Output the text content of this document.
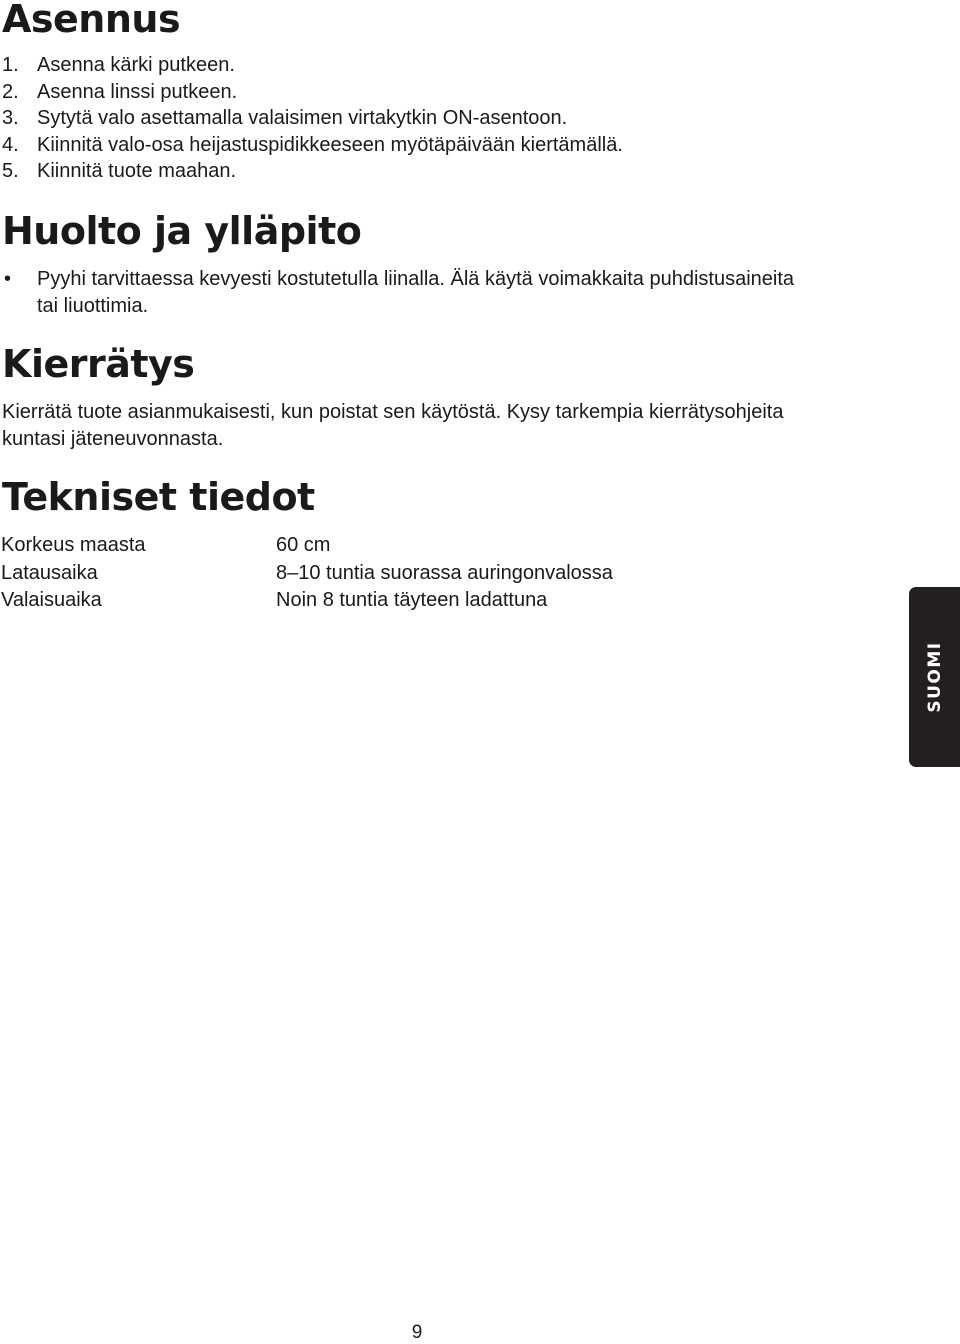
Asennus
1. Asenna kärki putkeen.
2. Asenna linssi putkeen.
3. Sytytä valo asettamalla valaisimen virtakytkin ON-asentoon.
4. Kiinnitä valo-osa heijastuspidikkeeseen myötäpäivään kiertämällä.
5. Kiinnitä tuote maahan.
Huolto ja ylläpito
•	Pyyhi tarvittaessa kevyesti kostutetulla liinalla. Älä käytä voimakkaita puhdistusaineita tai liuottimia.
Kierrätys

Kierrätä tuote asianmukaisesti, kun poistat sen käytöstä. Kysy tarkempia kierrätysohjeita kuntasi jäteneuvonnasta.

Tekniset tiedot
Korkeus maasta	60 cm
Latausaika	8–10 tuntia suorassa auringonvalossa
Valaisuaika	Noin 8 tuntia täyteen ladattuna
SUOMI
9
